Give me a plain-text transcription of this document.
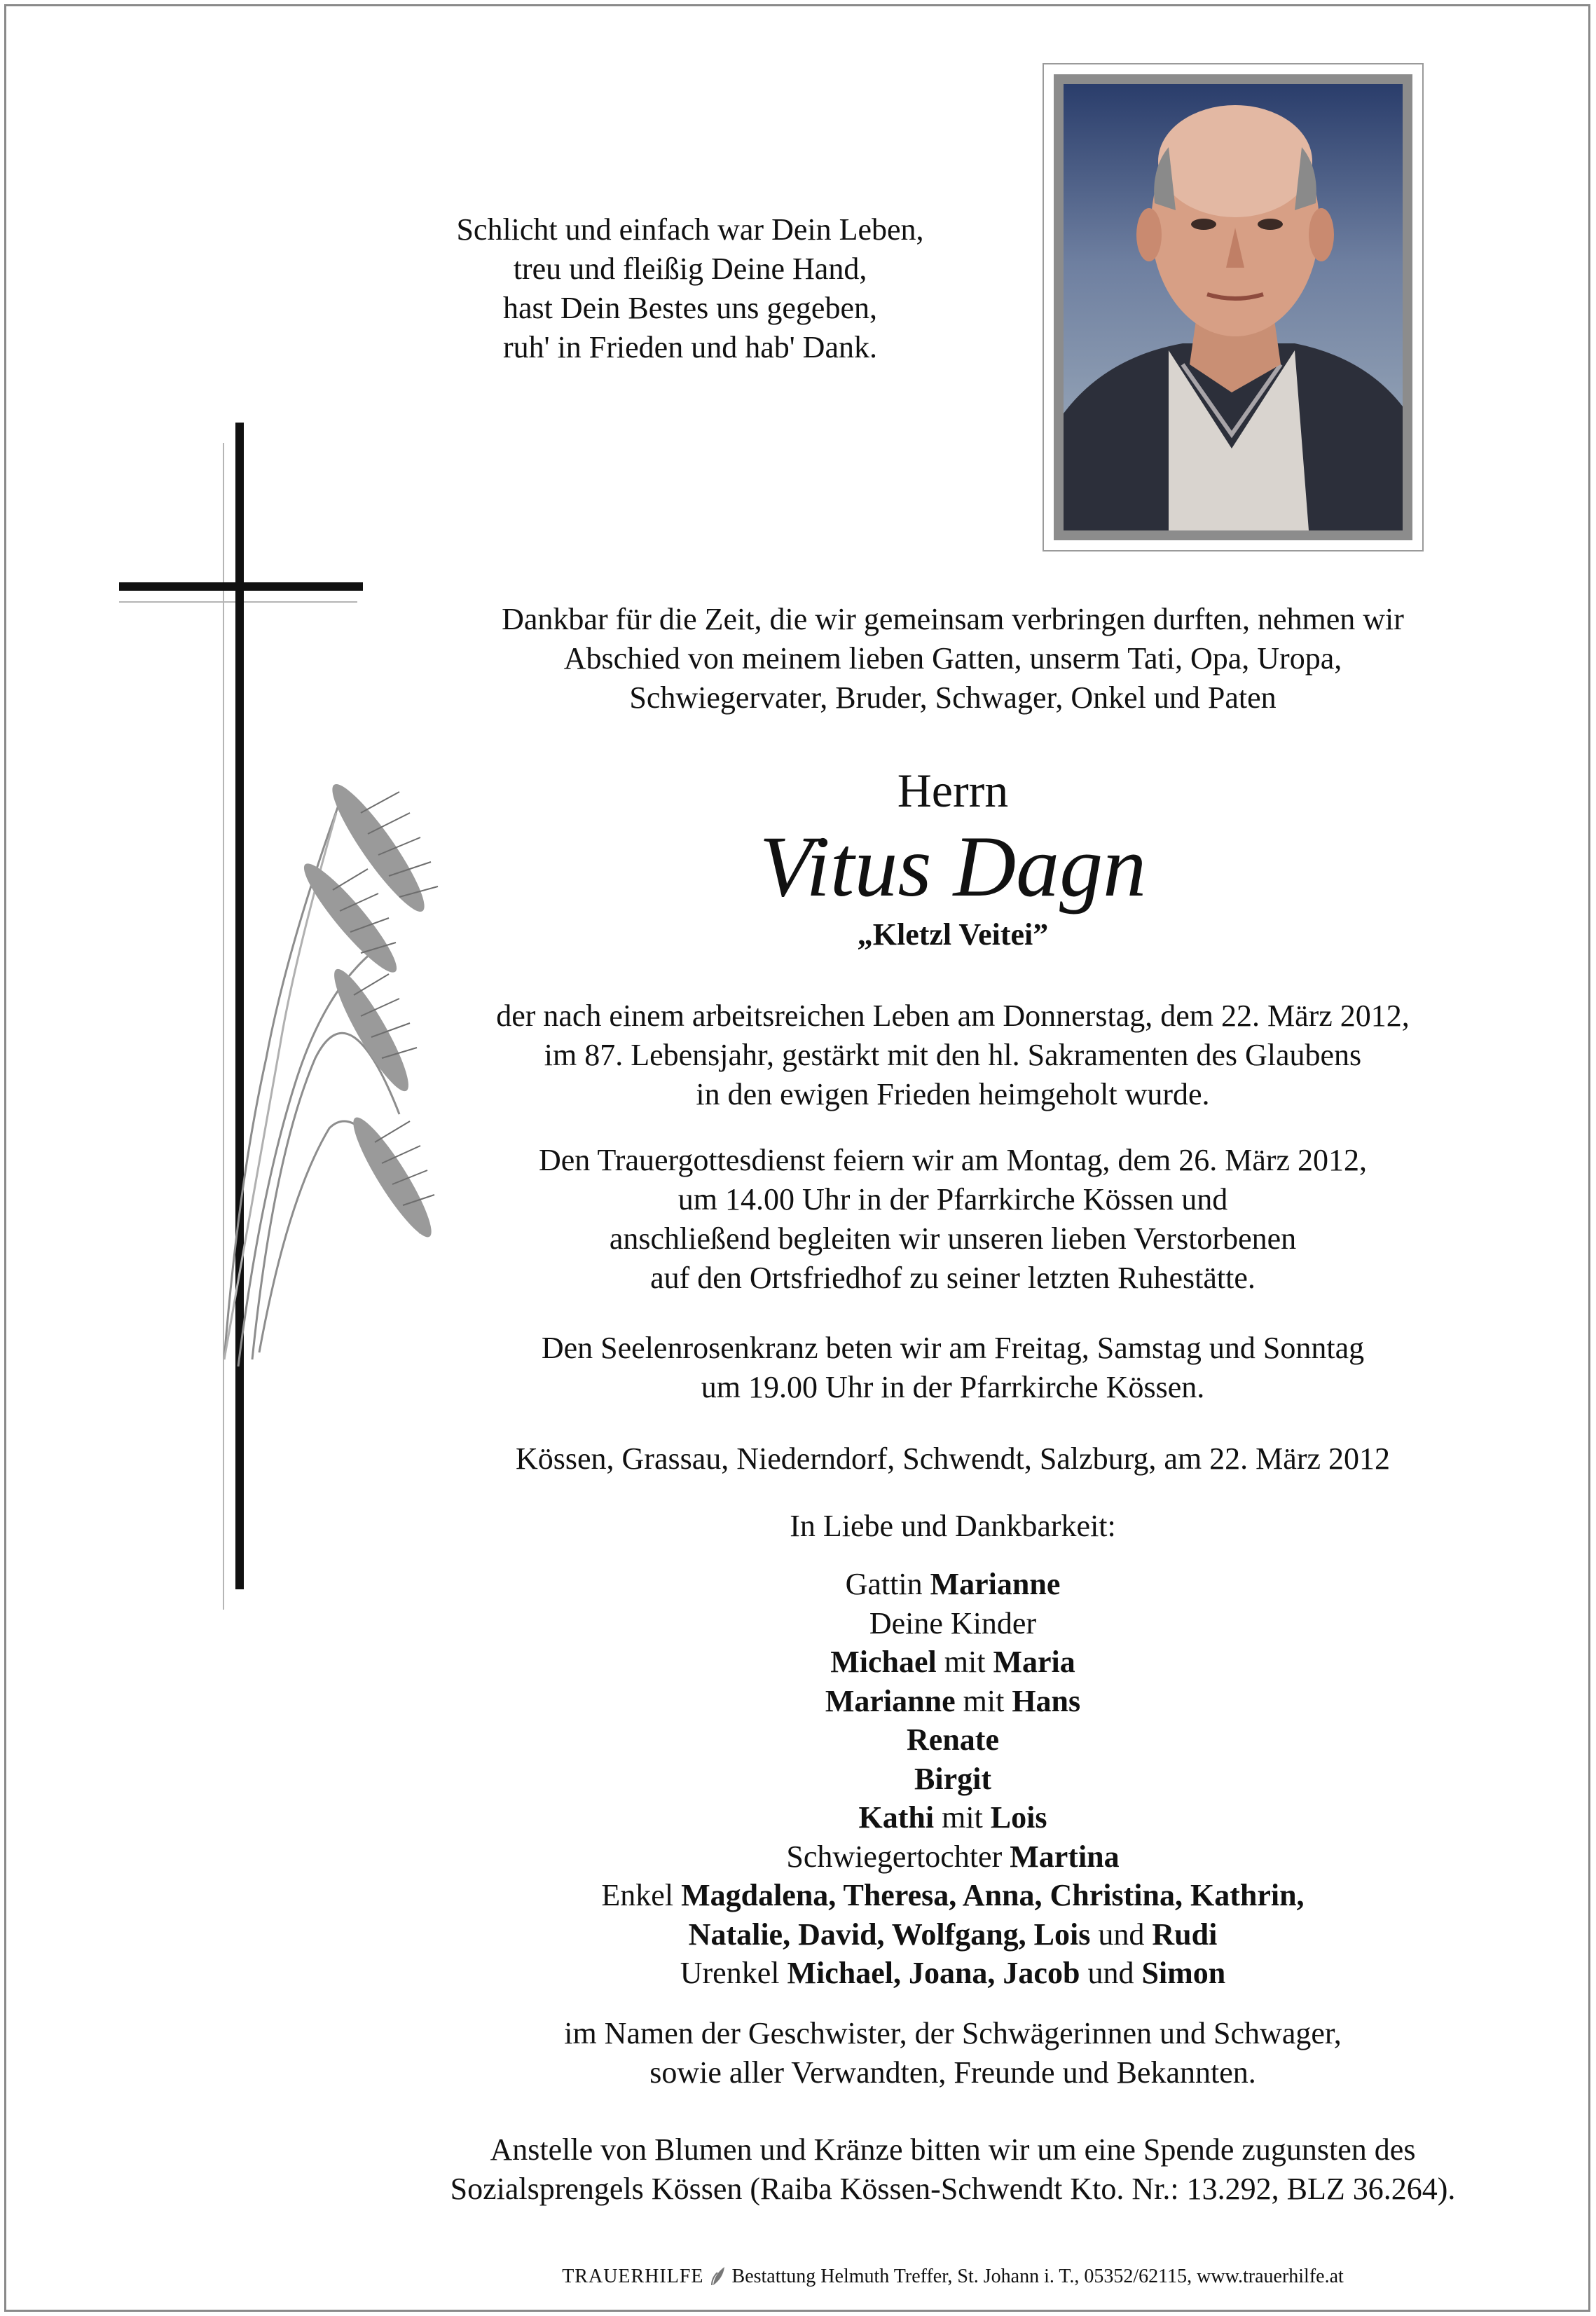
Schlicht und einfach war Dein Leben,
treu und fleißig Deine Hand,
hast Dein Bestes uns gegeben,
ruh' in Frieden und hab' Dank.
Dankbar für die Zeit, die wir gemeinsam verbringen durften, nehmen wir
Abschied von meinem lieben Gatten, unserm Tati, Opa, Uropa,
Schwiegervater, Bruder, Schwager, Onkel und Paten
Herrn
Vitus Dagn
„Kletzl Veitei”
der nach einem arbeitsreichen Leben am Donnerstag, dem 22. März 2012,
im 87. Lebensjahr, gestärkt mit den hl. Sakramenten des Glaubens
in den ewigen Frieden heimgeholt wurde.
Den Trauergottesdienst feiern wir am Montag, dem 26. März 2012,
um 14.00 Uhr in der Pfarrkirche Kössen und
anschließend begleiten wir unseren lieben Verstorbenen
auf den Ortsfriedhof zu seiner letzten Ruhestätte.
Den Seelenrosenkranz beten wir am Freitag, Samstag und Sonntag
um 19.00 Uhr in der Pfarrkirche Kössen.
Kössen, Grassau, Niederndorf, Schwendt, Salzburg, am 22. März 2012
In Liebe und Dankbarkeit:
Gattin Marianne
Deine Kinder
Michael mit Maria
Marianne mit Hans
Renate
Birgit
Kathi mit Lois
Schwiegertochter Martina
Enkel Magdalena, Theresa, Anna, Christina, Kathrin,
Natalie, David, Wolfgang, Lois und Rudi
Urenkel Michael, Joana, Jacob und Simon
im Namen der Geschwister, der Schwägerinnen und Schwager,
sowie aller Verwandten, Freunde und Bekannten.
Anstelle von Blumen und Kränze bitten wir um eine Spende zugunsten des
Sozialsprengels Kössen (Raiba Kössen-Schwendt Kto. Nr.: 13.292, BLZ 36.264).
TRAUERHILFE  Bestattung Helmuth Treffer, St. Johann i. T., 05352/62115, www.trauerhilfe.at
